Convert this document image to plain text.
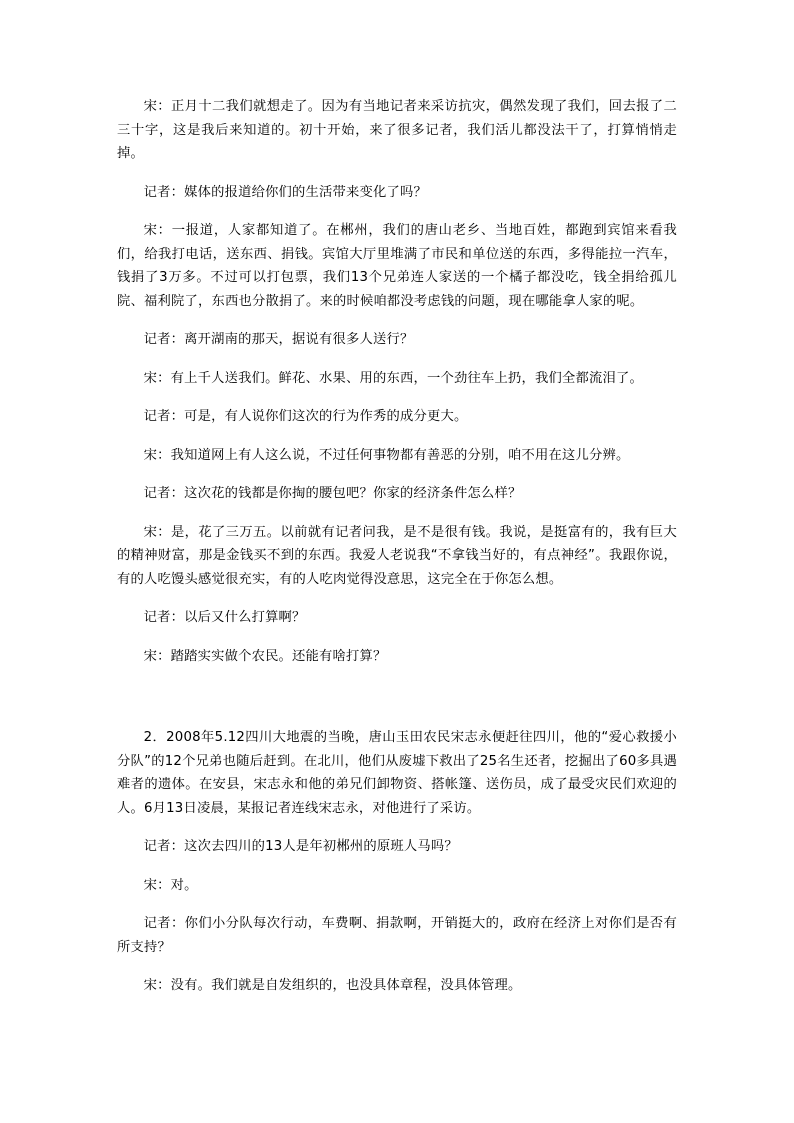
宋：正月十二我们就想走了。因为有当地记者来采访抗灾，偶然发现了我们，回去报了二三十字，这是我后来知道的。初十开始，来了很多记者，我们活儿都没法干了，打算悄悄走掉。

记者：媒体的报道给你们的生活带来变化了吗？

宋：一报道，人家都知道了。在郴州，我们的唐山老乡、当地百姓，都跑到宾馆来看我们，给我打电话，送东西、捐钱。宾馆大厅里堆满了市民和单位送的东西，多得能拉一汽车，钱捐了3万多。不过可以打包票，我们13个兄弟连人家送的一个橘子都没吃，钱全捐给孤儿院、福利院了，东西也分散捐了。来的时候咱都没考虑钱的问题，现在哪能拿人家的呢。

记者：离开湖南的那天，据说有很多人送行？

宋：有上千人送我们。鲜花、水果、用的东西，一个劲往车上扔，我们全都流泪了。

记者：可是，有人说你们这次的行为作秀的成分更大。

宋：我知道网上有人这么说，不过任何事物都有善恶的分别，咱不用在这儿分辨。

记者：这次花的钱都是你掏的腰包吧？你家的经济条件怎么样？

宋：是，花了三万五。以前就有记者问我，是不是很有钱。我说，是挺富有的，我有巨大的精神财富，那是金钱买不到的东西。我爱人老说我“不拿钱当好的，有点神经”。我跟你说，有的人吃馒头感觉很充实，有的人吃肉觉得没意思，这完全在于你怎么想。

记者：以后又什么打算啊？

宋：踏踏实实做个农民。还能有啥打算？

2．2008年5.12四川大地震的当晚，唐山玉田农民宋志永便赶往四川，他的“爱心救援小分队”的12个兄弟也随后赶到。在北川，他们从废墟下救出了25名生还者，挖掘出了60多具遇难者的遗体。在安县，宋志永和他的弟兄们卸物资、搭帐篷、送伤员，成了最受灾民们欢迎的人。6月13日凌晨，某报记者连线宋志永，对他进行了采访。

记者：这次去四川的13人是年初郴州的原班人马吗？

宋：对。

记者：你们小分队每次行动，车费啊、捐款啊，开销挺大的，政府在经济上对你们是否有所支持？

宋：没有。我们就是自发组织的，也没具体章程，没具体管理。
